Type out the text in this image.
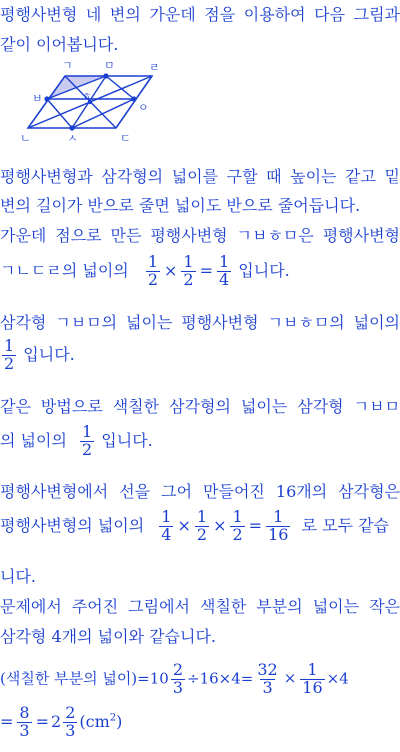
평행사변형 네 변의 가운데 점을 이용하여 다음 그림과
같이 이어봅니다.
ㄱ	ㅁ	ㄹ
ㅂ	ㅎ
ㅇ
ㄴ	ㅅ	ㄷ
평행사변형과 삼각형의 넓이를 구할 때 높이는 같고 밑
변의 길이가 반으로 줄면 넓이도 반으로 줄어듭니다.
가운데 점으로 만든 평행사변형 ㄱㅂㅎㅁ은 평행사변형
ㄱㄴㄷㄹ의 넓이의 $\frac{1}{2} \times \frac{1}{2} = \frac{1}{4}$ 입니다.
삼각형 ㄱㅂㅁ의 넓이는 평행사변형 ㄱㅂㅎㅁ의 넓이의
$\frac{1}{2}$ 입니다.
같은 방법으로 색칠한 삼각형의 넓이는 삼각형 ㄱㅂㅁ
의 넓이의 $\frac{1}{2}$ 입니다.
평행사변형에서 선을 그어 만들어진 16개의 삼각형은
평행사변형의 넓이의 $\frac{1}{4} \times \frac{1}{2} \times \frac{1}{2} = \frac{1}{16}$ 로 모두 같습
니다.
문제에서 주어진 그림에서 색칠한 부분의 넓이는 작은
삼각형 4개의 넓이와 같습니다.
(색칠한 부분의 넓이)$=10 \frac{2}{3} \div 16\times 4= \frac{32}{3} \times \frac{1}{16} \times 4$
= $\frac{8}{3} = 2 \frac{2}{3} (cm^2)$
